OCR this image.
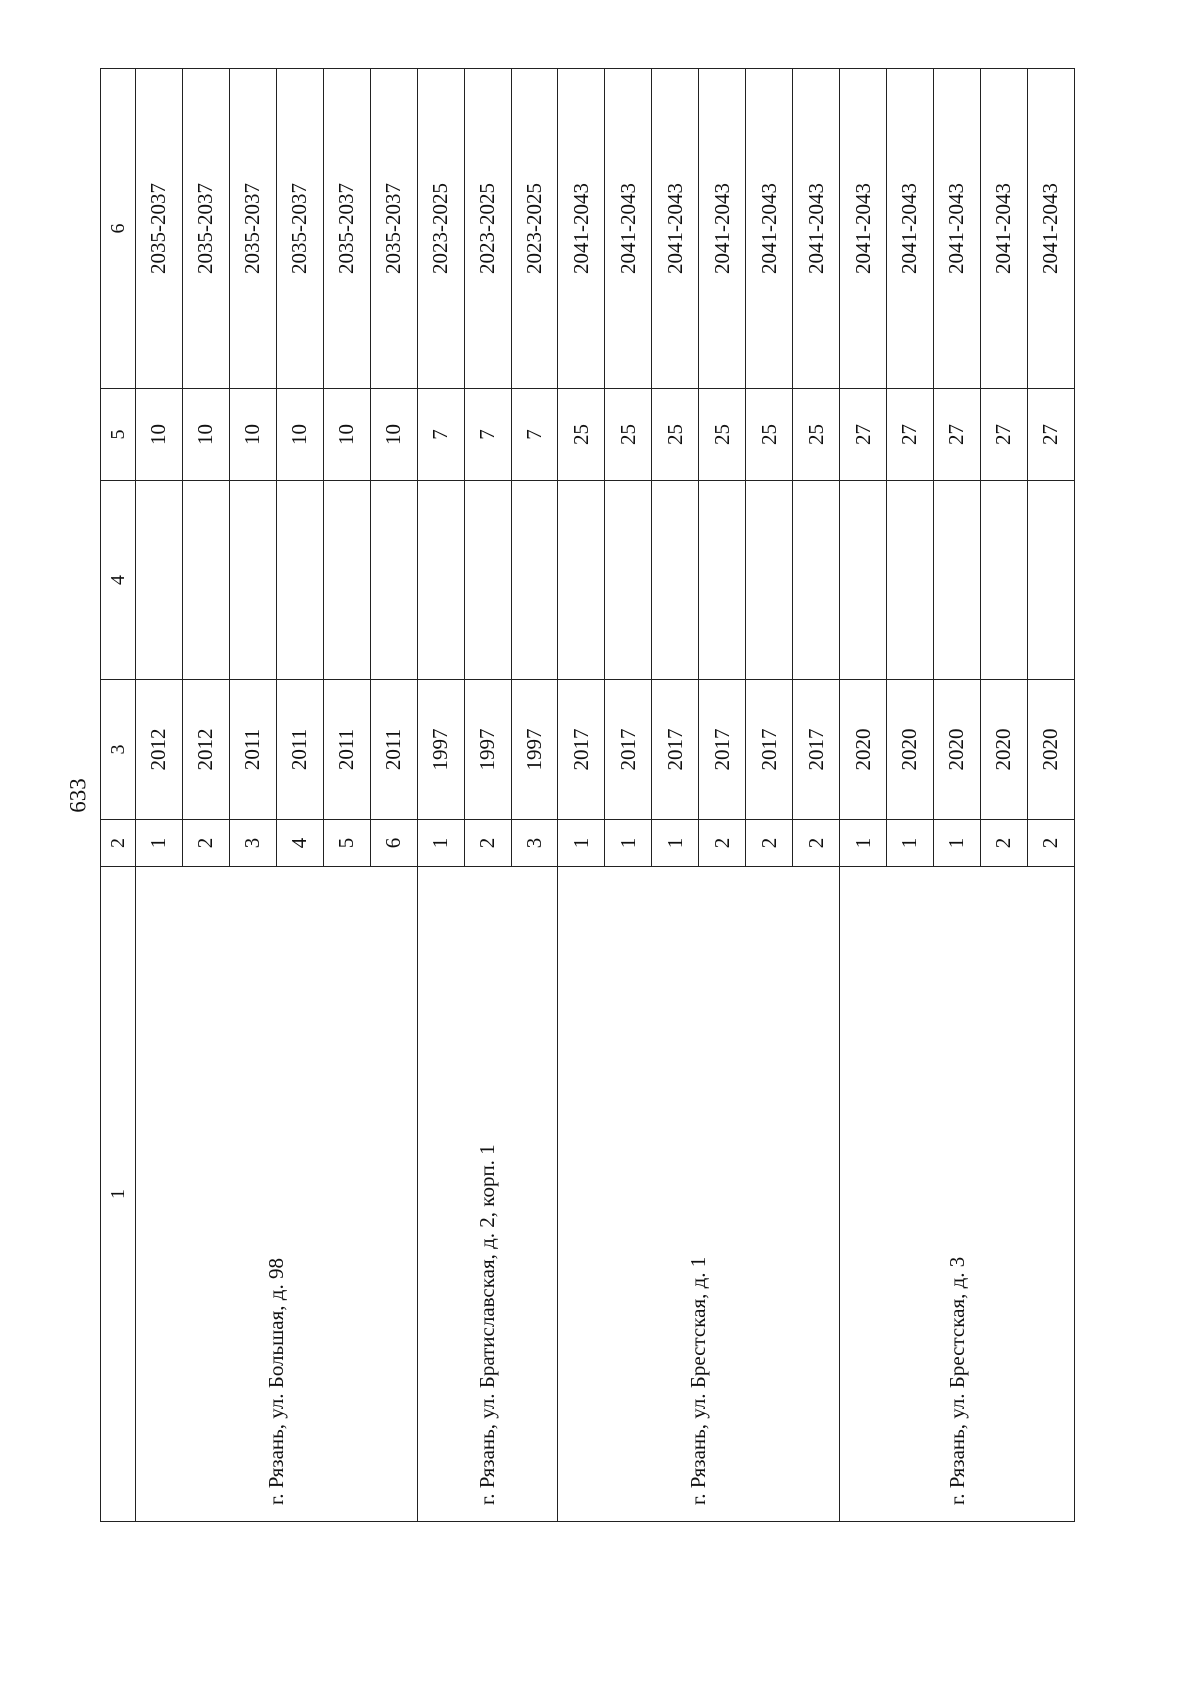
633
1	2	3	4	5	6
г. Рязань, ул. Большая, д. 98	1	2012		10	2035-2037
	2	2012		10	2035-2037
	3	2011		10	2035-2037
	4	2011		10	2035-2037
	5	2011		10	2035-2037
	6	2011		10	2035-2037
г. Рязань, ул. Братиславская, д. 2, корп. 1	1	1997		7	2023-2025
	2	1997		7	2023-2025
	3	1997		7	2023-2025
г. Рязань, ул. Брестская, д. 1	1	2017		25	2041-2043
	1	2017		25	2041-2043
	1	2017		25	2041-2043
	2	2017		25	2041-2043
	2	2017		25	2041-2043
	2	2017		25	2041-2043
г. Рязань, ул. Брестская, д. 3	1	2020		27	2041-2043
	1	2020		27	2041-2043
	1	2020		27	2041-2043
	2	2020		27	2041-2043
	2	2020		27	2041-2043
